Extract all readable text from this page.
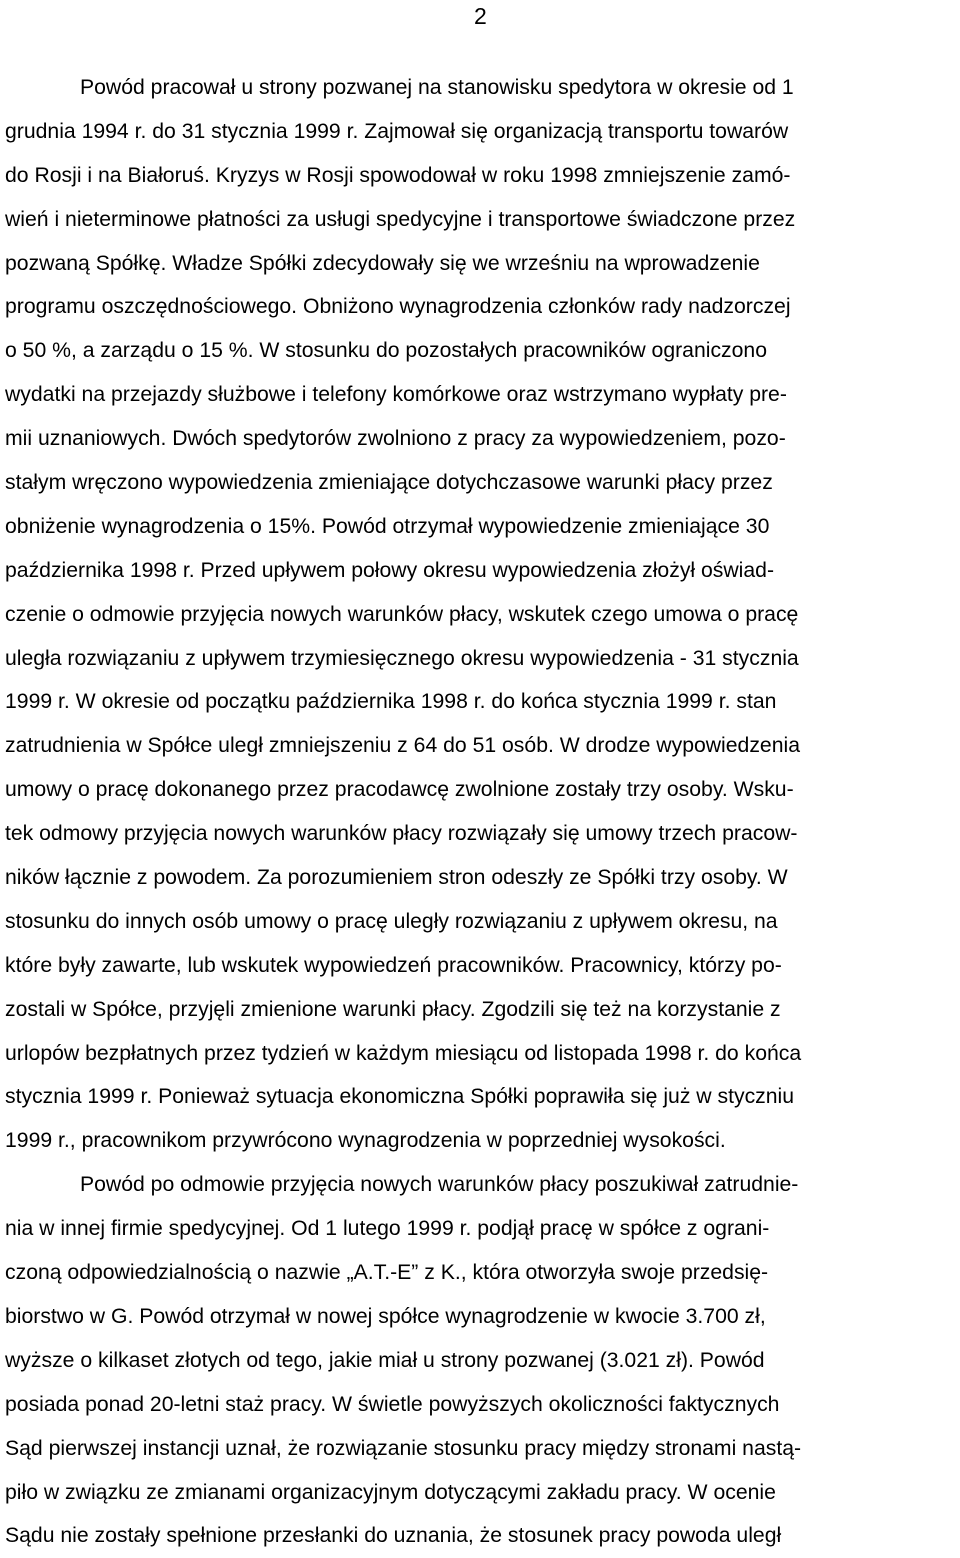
2
Powód pracował u strony pozwanej na stanowisku spedytora w okresie od 1
grudnia 1994 r. do 31 stycznia 1999 r. Zajmował się organizacją transportu towarów
do Rosji i na Białoruś. Kryzys w Rosji spowodował w roku 1998 zmniejszenie zamó-
wień i nieterminowe płatności za usługi spedycyjne i transportowe świadczone przez
pozwaną Spółkę. Władze Spółki zdecydowały się we wrześniu na wprowadzenie
programu oszczędnościowego. Obniżono wynagrodzenia członków rady nadzorczej
o 50 %, a zarządu o 15 %. W stosunku do pozostałych pracowników ograniczono
wydatki na przejazdy służbowe i telefony komórkowe oraz wstrzymano wypłaty pre-
mii uznaniowych. Dwóch spedytorów zwolniono z pracy za wypowiedzeniem, pozo-
stałym wręczono wypowiedzenia zmieniające dotychczasowe warunki płacy przez
obniżenie wynagrodzenia o 15%. Powód otrzymał wypowiedzenie zmieniające 30
października 1998 r. Przed upływem połowy okresu wypowiedzenia złożył oświad-
czenie o odmowie przyjęcia nowych warunków płacy, wskutek czego umowa o pracę
uległa rozwiązaniu z upływem trzymiesięcznego okresu wypowiedzenia - 31 stycznia
1999 r. W okresie od początku października 1998 r. do końca stycznia 1999 r. stan
zatrudnienia w Spółce uległ zmniejszeniu z 64 do 51 osób. W drodze wypowiedzenia
umowy o pracę dokonanego przez pracodawcę zwolnione zostały trzy osoby. Wsku-
tek odmowy przyjęcia nowych warunków płacy rozwiązały się umowy trzech pracow-
ników łącznie z powodem. Za porozumieniem stron odeszły ze Spółki trzy osoby. W
stosunku do innych osób umowy o pracę uległy rozwiązaniu z upływem okresu, na
które były zawarte, lub wskutek wypowiedzeń pracowników. Pracownicy, którzy po-
zostali w Spółce, przyjęli zmienione warunki płacy. Zgodzili się też na korzystanie z
urlopów bezpłatnych przez tydzień w każdym miesiącu od listopada 1998 r. do końca
stycznia 1999 r. Ponieważ sytuacja ekonomiczna Spółki poprawiła się już w styczniu
1999 r., pracownikom przywrócono wynagrodzenia w poprzedniej wysokości.
Powód po odmowie przyjęcia nowych warunków płacy poszukiwał zatrudnie-
nia w innej firmie spedycyjnej. Od 1 lutego 1999 r. podjął pracę w spółce z ograni-
czoną odpowiedzialnością o nazwie „A.T.-E” z K., która otworzyła swoje przedsię-
biorstwo w G. Powód otrzymał w nowej spółce wynagrodzenie w kwocie 3.700 zł,
wyższe o kilkaset złotych od tego, jakie miał u strony pozwanej (3.021 zł). Powód
posiada ponad 20-letni staż pracy. W świetle powyższych okoliczności faktycznych
Sąd pierwszej instancji uznał, że rozwiązanie stosunku pracy między stronami nastą-
piło w związku ze zmianami organizacyjnym dotyczącymi zakładu pracy. W ocenie
Sądu nie zostały spełnione przesłanki do uznania, że stosunek pracy powoda uległ
